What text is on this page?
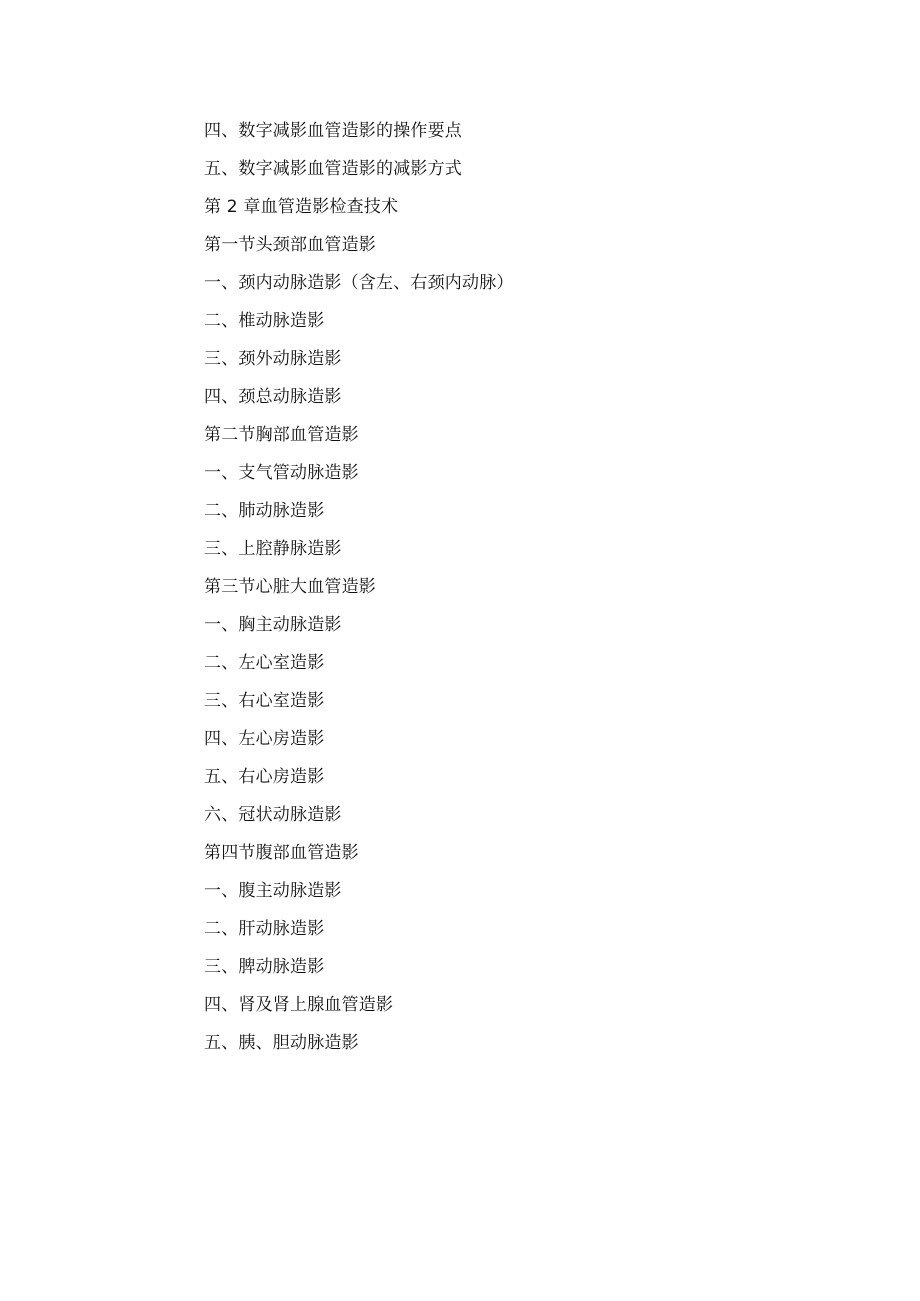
四、数字减影血管造影的操作要点
五、数字减影血管造影的减影方式
第 2 章血管造影检查技术
第一节头颈部血管造影
一、颈内动脉造影（含左、右颈内动脉）
二、椎动脉造影
三、颈外动脉造影
四、颈总动脉造影
第二节胸部血管造影
一、支气管动脉造影
二、肺动脉造影
三、上腔静脉造影
第三节心脏大血管造影
一、胸主动脉造影
二、左心室造影
三、右心室造影
四、左心房造影
五、右心房造影
六、冠状动脉造影
第四节腹部血管造影
一、腹主动脉造影
二、肝动脉造影
三、脾动脉造影
四、肾及肾上腺血管造影
五、胰、胆动脉造影
